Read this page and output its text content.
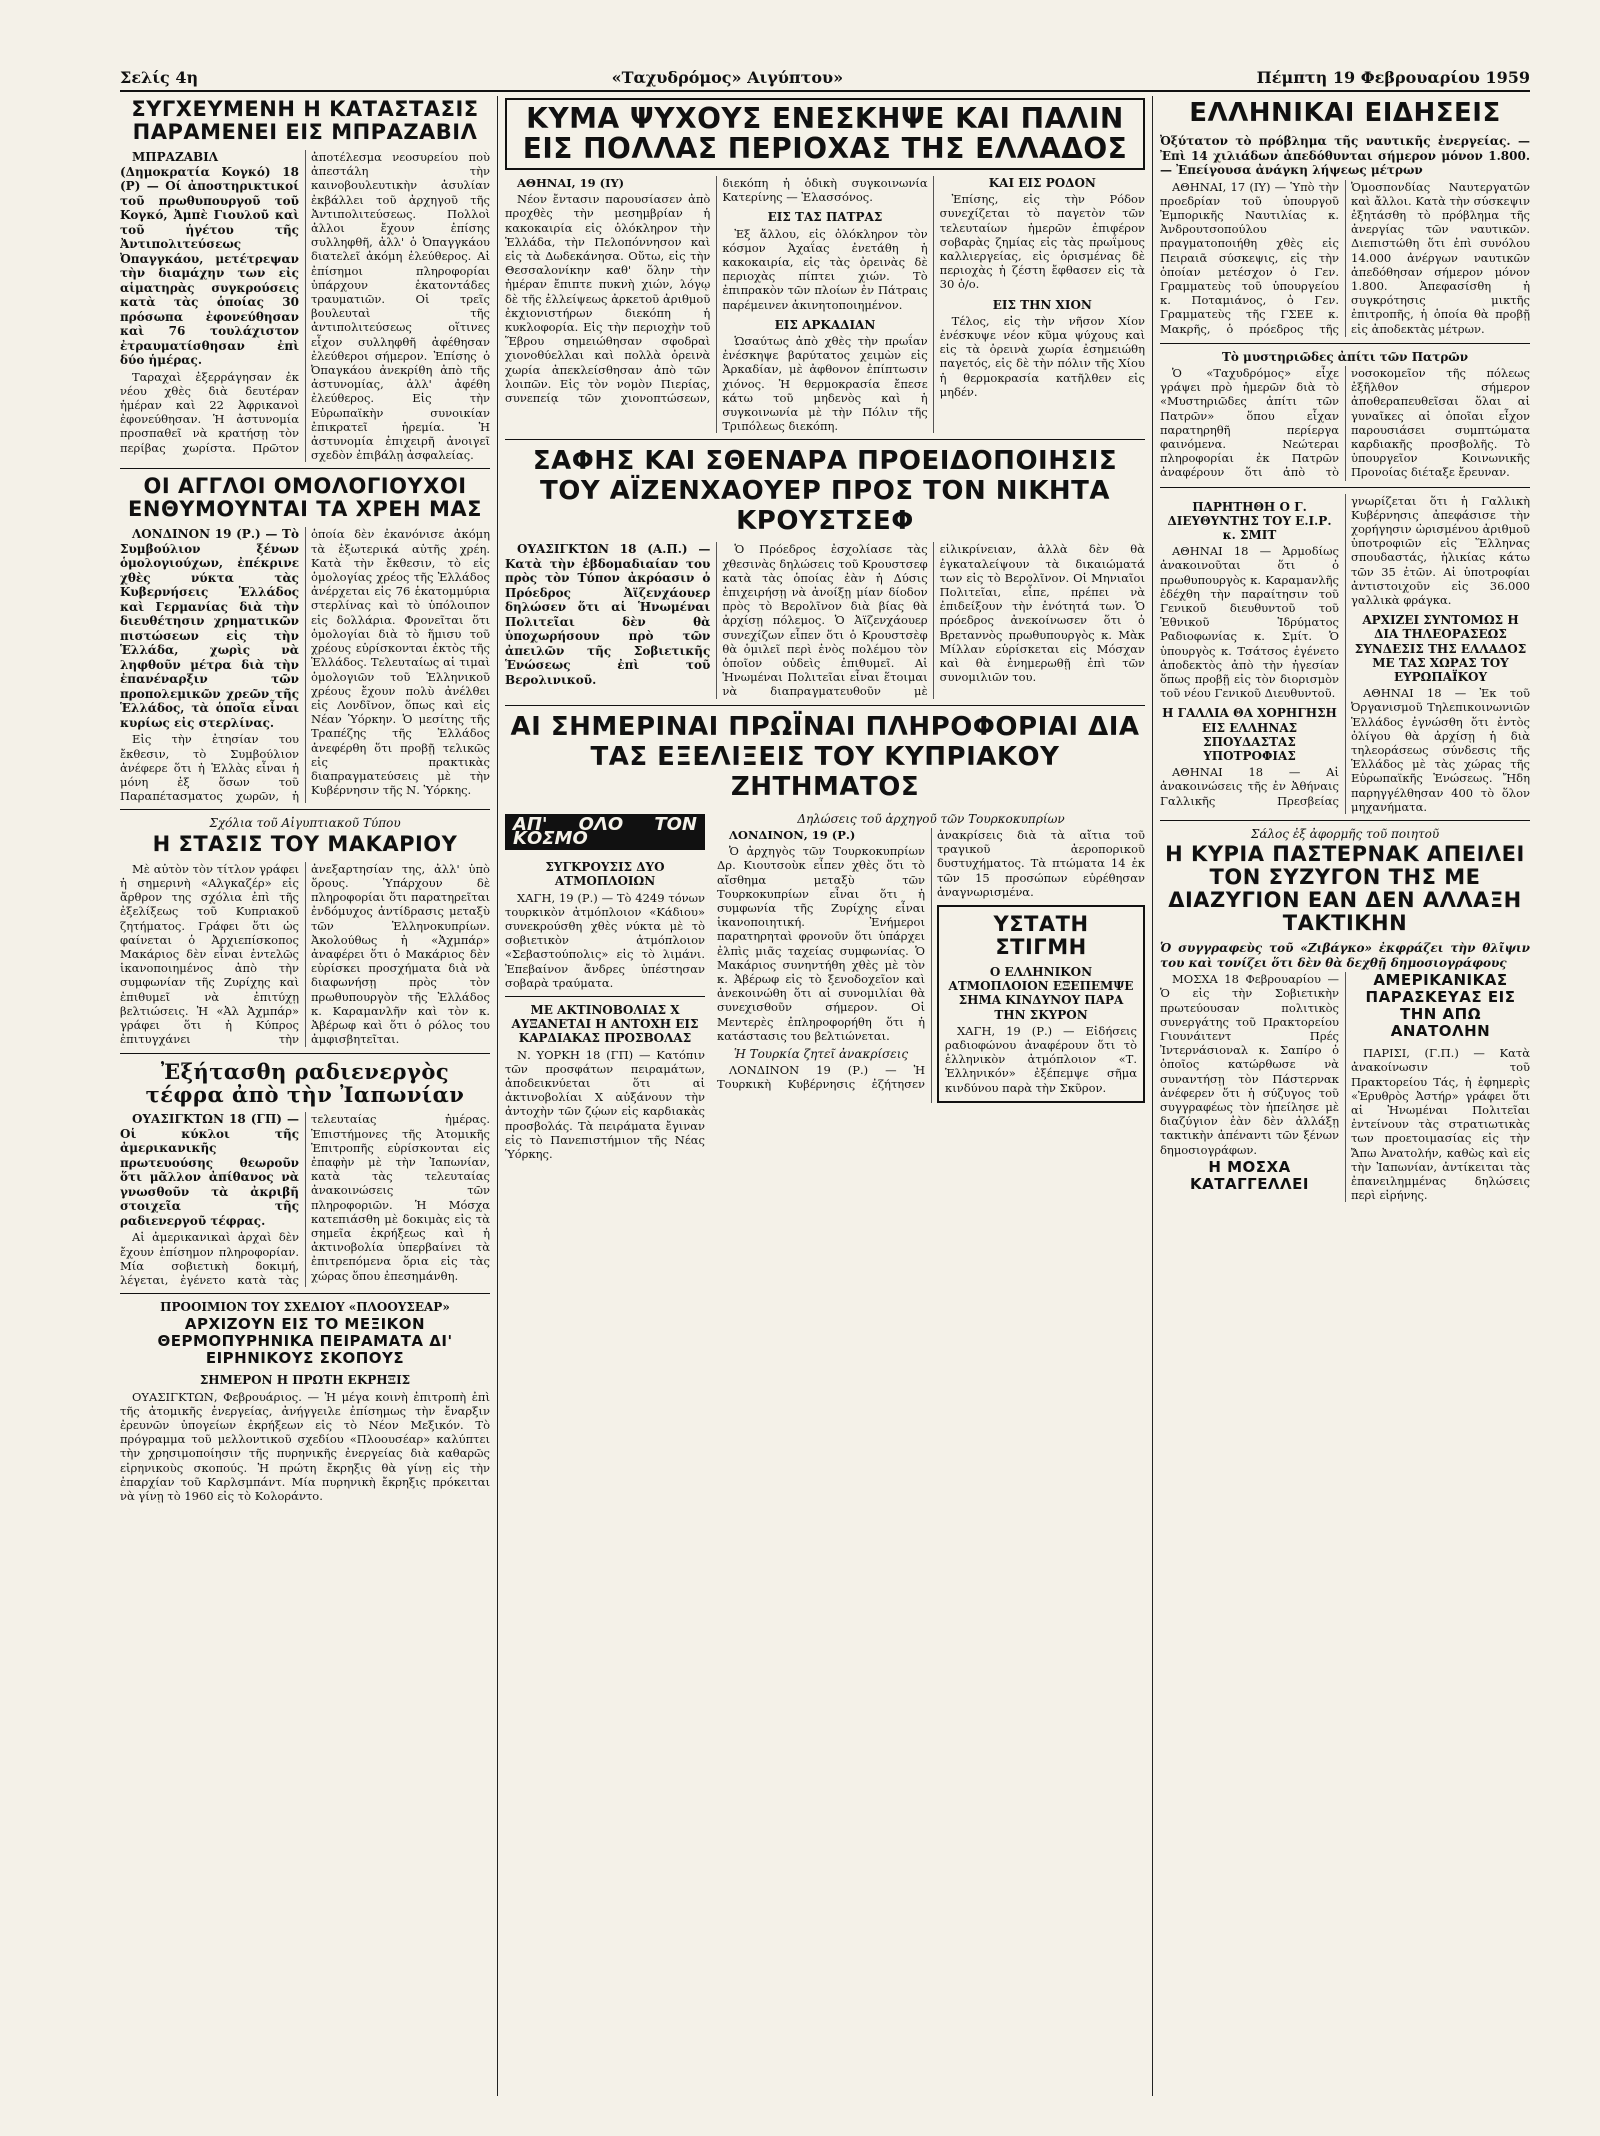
Σελίς 4η	«Ταχυδρόμος» Αιγύπτου»	Πέμπτη 19 Φεβρουαρίου 1959
ΣΥΓΧΕΥΜΕΝΗ Η ΚΑΤΑΣΤΑΣΙΣ ΠΑΡΑΜΕΝΕΙ ΕΙΣ ΜΠΡΑΖΑΒΙΛ

ΜΠΡΑΖΑΒΙΛ (Δημοκρατία Κογκό) 18 (Ρ) — Οί ἀποστηρικτικοί τοῦ πρωθυπουργοῦ τοῦ Κογκό, Ἀμπὲ Γιουλοῦ καὶ τοῦ ἡγέτου τῆς Ἀντιπολιτεύσεως Ὀπαγγκάου, μετέτρεψαν τὴν διαμάχην των εἰς αἱματηρὰς συγκρούσεις κατὰ τὰς ὁποίας 30 πρόσωπα ἐφονεύθησαν καὶ 76 τουλάχιστον ἐτραυματίσθησαν ἐπὶ δύο ἡμέρας.

Ταραχαὶ ἐξερράγησαν ἐκ νέου χθὲς διὰ δευτέραν ἡμέραν καὶ 22 Ἀφρικανοὶ ἐφονεύθησαν. Ἡ ἀστυνομία προσπαθεῖ νὰ κρατήσῃ τὸν περίβας χωρίστα. Πρῶτον ἀποτέλεσμα νεοσυρείου ποὺ ἀπεστάλη τὴν καινοβουλευτικὴν ἀσυλίαν ἐκβάλλει τοῦ ἀρχηγοῦ τῆς Ἀντιπολιτεύσεως. Πολλοὶ ἀλλοι ἔχουν ἐπίσης συλληφθῆ, ἀλλ' ὁ Ὀπαγγκάου διατελεῖ ἀκόμη ἐλεύθερος. Αἱ ἐπίσημοι πληροφορίαι ὑπάρχουν ἑκατοντάδες τραυματιῶν. Οἱ τρεῖς βουλευταὶ τῆς ἀντιπολιτεύσεως οἵτινες εἶχον συλληφθῆ ἀφέθησαν ἐλεύθεροι σήμερον. Ἐπίσης ὁ Ὀπαγκάου ἀνεκρίθη ἀπὸ τῆς ἀστυνομίας, ἀλλ' ἀφέθη ἐλεύθερος. Εἰς τὴν Εὐρωπαϊκὴν συνοικίαν ἐπικρατεῖ ἡρεμία. Ἡ ἀστυνομία ἐπιχειρῆ ἀνοιγεῖ σχεδὸν ἐπιβάλῃ ἀσφαλείας.

ΟΙ ΑΓΓΛΟΙ ΟΜΟΛΟΓΙΟΥΧΟΙ ΕΝΘΥΜΟΥΝΤΑΙ ΤΑ ΧΡΕΗ ΜΑΣ

ΛΟΝΔΙΝΟΝ 19 (Ρ.) — Τὸ Συμβούλιον ξένων ὁμολογιούχων, ἐπέκρινε χθὲς νύκτα τὰς Κυβερνήσεις Ἑλλάδος καὶ Γερμανίας διὰ τὴν διευθέτησιν χρηματικῶν πιστώσεων εἰς τὴν Ἑλλάδα, χωρὶς νὰ ληφθοῦν μέτρα διὰ τὴν ἐπανέναρξιν τῶν προπολεμικῶν χρεῶν τῆς Ἑλλάδος, τὰ ὁποῖα εἶναι κυρίως εἰς στερλίνας.

Εἰς τὴν ἐτησίαν του ἔκθεσιν, τὸ Συμβούλιον ἀνέφερε ὅτι ἡ Ἑλλὰς εἶναι ἡ μόνη ἐξ ὅσων τοῦ Παραπέτασματος χωρῶν, ἡ ὁποία δὲν ἐκανόνισε ἀκόμη τὰ ἐξωτερικά αὐτῆς χρέη. Κατὰ τὴν ἔκθεσιν, τὸ εἰς ὁμολογίας χρέος τῆς Ἑλλάδος ἀνέρχεται εἰς 76 ἑκατομμύρια στερλίνας καὶ τὸ ὑπόλοιπον εἰς δολλάρια. Φρονεῖται ὅτι ὁμολογίαι διὰ τὸ ἥμισυ τοῦ χρέους εὑρίσκονται ἐκτὸς τῆς Ἑλλάδος. Τελευταίως αἱ τιμαὶ ὁμολογιῶν τοῦ Ἑλληνικοῦ χρέους ἔχουν πολὺ ἀνέλθει εἰς Λονδῖνον, ὅπως καὶ εἰς Νέαν Ὑόρκην. Ὁ μεσίτης τῆς Τραπέζης τῆς Ἑλλάδος ἀνεφέρθη ὅτι προβῇ τελικῶς εἰς πρακτικὰς διαπραγματεύσεις μὲ τὴν Κυβέρνησιν τῆς Ν. Ὑόρκης.

Σχόλια τοῦ Αἰγυπτιακοῦ Τύπου
Η ΣΤΑΣΙΣ ΤΟΥ ΜΑΚΑΡΙΟΥ

Μὲ αὐτὸν τὸν τίτλον γράφει ἡ σημερινὴ «Αλγκαζέρ» εἰς ἄρθρον της σχόλια ἐπὶ τῆς ἐξελίξεως τοῦ Κυπριακοῦ ζητήματος. Γράφει ὅτι ὡς φαίνεται ὁ Ἀρχιεπίσκοπος Μακάριος δὲν εἶναι ἐντελῶς ἱκανοποιημένος ἀπὸ τὴν συμφωνίαν τῆς Ζυρίχης καὶ ἐπιθυμεῖ νὰ ἐπιτύχῃ βελτιώσεις. Ἡ «Ἀλ Ἀχμπάρ» γράφει ὅτι ἡ Κύπρος ἐπιτυγχάνει τὴν ἀνεξαρτησίαν της, ἀλλ' ὑπὸ ὅρους. Ὑπάρχουν δὲ πληροφορίαι ὅτι παρατηρεῖται ἐνδόμυχος ἀντίδρασις μεταξὺ τῶν Ἑλληνοκυπρίων. Ἀκολούθως ἡ «Ἀχμπάρ» ἀναφέρει ὅτι ὁ Μακάριος δὲν εὑρίσκει προσχήματα διὰ νὰ διαφωνήσῃ πρὸς τὸν πρωθυπουργὸν τῆς Ἑλλάδος κ. Καραμανλῆν καὶ τὸν κ. Ἀβέρωφ καὶ ὅτι ὁ ρόλος του ἀμφισβητεῖται.

Ἐξήτασθη ραδιενεργὸς τέφρα ἀπὸ τὴν Ἰαπωνίαν

ΟΥΑΣΙΓΚΤΩΝ 18 (ΓΠ) — Οἱ κύκλοι τῆς ἀμερικανικῆς πρωτευούσης θεωροῦν ὅτι μᾶλλον ἀπίθανος νὰ γνωσθοῦν τὰ ἀκριβῆ στοιχεῖα τῆς ραδιενεργοῦ τέφρας.

Αἱ ἀμερικανικαὶ ἀρχαὶ δὲν ἔχουν ἐπίσημον πληροφορίαν. Μία σοβιετικὴ δοκιμή, λέγεται, ἐγένετο κατὰ τὰς τελευταίας ἡμέρας. Ἐπιστήμονες τῆς Ἀτομικῆς Ἐπιτροπῆς εὑρίσκονται εἰς ἐπαφὴν μὲ τὴν Ἰαπωνίαν, κατὰ τὰς τελευταίας ἀνακοινώσεις τῶν πληροφοριῶν. Ἡ Μόσχα κατεπιάσθη μὲ δοκιμὰς εἰς τὰ σημεῖα ἐκρήξεως καὶ ἡ ἀκτινοβολία ὑπερβαίνει τὰ ἐπιτρεπόμενα ὅρια εἰς τὰς χώρας ὅπου ἐπεσημάνθη.

ΠΡΟΟΙΜΙΟΝ ΤΟΥ ΣΧΕΔΙΟΥ «ΠΛΟΟΥΣΕΑΡ»
ΑΡΧΙΖΟΥΝ ΕΙΣ ΤΟ ΜΕΞΙΚΟΝ ΘΕΡΜΟΠΥΡΗΝΙΚΑ ΠΕΙΡΑΜΑΤΑ ΔΙ' ΕΙΡΗΝΙΚΟΥΣ ΣΚΟΠΟΥΣ
ΣΗΜΕΡΟΝ Η ΠΡΩΤΗ ΕΚΡΗΞΙΣ

ΟΥΑΣΙΓΚΤΩΝ, Φεβρουάριος. — Ἡ μέγα κοινὴ ἐπιτροπὴ ἐπὶ τῆς ἀτομικῆς ἐνεργείας, ἀνήγγειλε ἐπίσημως τὴν ἔναρξιν ἐρευνῶν ὑπογείων ἐκρήξεων εἰς τὸ Νέον Μεξικόν. Τὸ πρόγραμμα τοῦ μελλοντικοῦ σχεδίου «Πλοουσέαρ» καλύπτει τὴν χρησιμοποίησιν τῆς πυρηνικῆς ἐνεργείας διὰ καθαρῶς εἰρηνικοὺς σκοπούς. Ἡ πρώτη ἔκρηξις θὰ γίνῃ εἰς τὴν ἐπαρχίαν τοῦ Καρλσμπάντ. Μία πυρηνικὴ ἔκρηξις πρόκειται νὰ γίνῃ τὸ 1960 εἰς τὸ Κολοράντο.

ΚΥΜΑ ΨΥΧΟΥΣ ΕΝΕΣΚΗΨΕ ΚΑΙ ΠΑΛΙΝ ΕΙΣ ΠΟΛΛΑΣ ΠΕΡΙΟΧΑΣ ΤΗΣ ΕΛΛΑΔΟΣ

ΑΘΗΝΑΙ, 19 (ΙΥ)

Νέον ἔντασιν παρουσίασεν ἀπὸ προχθὲς τὴν μεσημβρίαν ἡ κακοκαιρία εἰς ὁλόκληρον τὴν Ἑλλάδα, τὴν Πελοπόννησον καὶ εἰς τὰ Δωδεκάνησα. Οὕτω, εἰς τὴν Θεσσαλονίκην καθ' ὅλην τὴν ἡμέραν ἔπιπτε πυκνὴ χιών, λόγῳ δὲ τῆς ἐλλείψεως ἀρκετοῦ ἀριθμοῦ ἐκχιονιστήρων διεκόπη ἡ κυκλοφορία. Εἰς τὴν περιοχὴν τοῦ Ἕβρου σημειώθησαν σφοδραὶ χιονοθύελλαι καὶ πολλὰ ὀρεινὰ χωρία ἀπεκλείσθησαν ἀπὸ τῶν λοιπῶν. Εἰς τὸν νομὸν Πιερίας, συνεπείᾳ τῶν χιονοπτώσεων, διεκόπη ἡ ὁδικὴ συγκοινωνία Κατερίνης — Ἐλασσόνος.

ΕΙΣ ΤΑΣ ΠΑΤΡΑΣ

Ἐξ ἄλλου, εἰς ὁλόκληρον τὸν κόσμον Ἀχαΐας ἐνετάθη ἡ κακοκαιρία, εἰς τὰς ὀρεινὰς δὲ περιοχὰς πίπτει χιών. Τὸ ἐπιπρακὸν τῶν πλοίων ἐν Πάτραις παρέμεινεν ἀκινητοποιημένον.

ΕΙΣ ΑΡΚΑΔΙΑΝ

Ὡσαύτως ἀπὸ χθὲς τὴν πρωΐαν ἐνέσκηψε βαρύτατος χειμὼν εἰς Ἀρκαδίαν, μὲ ἀφθονον ἐπίπτωσιν χιόνος. Ἡ θερμοκρασία ἔπεσε κάτω τοῦ μηδενὸς καὶ ἡ συγκοινωνία μὲ τὴν Πόλιν τῆς Τριπόλεως διεκόπη.

ΚΑΙ ΕΙΣ ΡΟΔΟΝ

Ἐπίσης, εἰς τὴν Ρόδον συνεχίζεται τὸ παγετὸν τῶν τελευταίων ἡμερῶν ἐπιφέρον σοβαρὰς ζημίας εἰς τὰς πρωΐμους καλλιεργείας, εἰς ὁρισμένας δὲ περιοχὰς ἡ ζέστη ἔφθασεν εἰς τὰ 30 ὁ/ο.

ΕΙΣ ΤΗΝ ΧΙΟΝ

Τέλος, εἰς τὴν νῆσον Χίον ἐνέσκυψε νέον κῦμα ψύχους καὶ εἰς τὰ ὀρεινὰ χωρία ἐσημειώθη παγετός, εἰς δὲ τὴν πόλιν τῆς Χίου ἡ θερμοκρασία κατῆλθεν εἰς μηδέν.

ΣΑΦΗΣ ΚΑΙ ΣΘΕΝΑΡΑ ΠΡΟΕΙΔΟΠΟΙΗΣΙΣ ΤΟΥ ΑΪΖΕΝΧΑΟΥΕΡ ΠΡΟΣ ΤΟΝ ΝΙΚΗΤΑ ΚΡΟΥΣΤΣΕΦ

ΟΥΑΣΙΓΚΤΩΝ 18 (Α.Π.) — Κατὰ τὴν ἑβδομαδιαίαν του πρὸς τὸν Τύπον ἀκρόασιν ὁ Πρόεδρος Ἀϊζενχάουερ δηλώσεν ὅτι αἱ Ἡνωμέναι Πολιτεῖαι δὲν θὰ ὑποχωρήσουν πρὸ τῶν ἀπειλῶν τῆς Σοβιετικῆς Ἑνώσεως ἐπὶ τοῦ Βερολινικοῦ.

Ὁ Πρόεδρος ἐσχολίασε τὰς χθεσινὰς δηλώσεις τοῦ Κρουστσεφ κατὰ τὰς ὁποίας ἐὰν ἡ Δύσις ἐπιχειρήσῃ νὰ ἀνοίξῃ μίαν δίοδον πρὸς τὸ Βερολῖνον διὰ βίας θὰ ἀρχίσῃ πόλεμος. Ὁ Ἀϊζενχάουερ συνεχίζων εἶπεν ὅτι ὁ Κρουστσὲφ θὰ ὁμιλεῖ περὶ ἐνὸς πολέμου τὸν ὁποῖον οὐδεὶς ἐπιθυμεῖ. Αἱ Ἡνωμέναι Πολιτεῖαι εἶναι ἕτοιμαι νὰ διαπραγματευθοῦν μὲ εἰλικρίνειαν, ἀλλὰ δὲν θὰ ἐγκαταλείψουν τὰ δικαιώματά των εἰς τὸ Βερολῖνον. Οἱ Μηνιαῖοι Πολιτεῖαι, εἶπε, πρέπει νὰ ἐπιδείξουν τὴν ἑνότητά των. Ὁ πρόεδρος ἀνεκοίνωσεν ὅτι ὁ Βρεταννὸς πρωθυπουργὸς κ. Μὰκ Μίλλαν εὑρίσκεται εἰς Μόσχαν καὶ θὰ ἐνημερωθῇ ἐπὶ τῶν συνομιλιῶν του.

ΑΙ ΣΗΜΕΡΙΝΑΙ ΠΡΩΪΝΑΙ ΠΛΗΡΟΦΟΡΙΑΙ ΔΙΑ ΤΑΣ ΕΞΕΛΙΞΕΙΣ ΤΟΥ ΚΥΠΡΙΑΚΟΥ ΖΗΤΗΜΑΤΟΣ
ΑΠ' ΟΛΟ ΤΟΝ ΚΟΣΜΟ
ΣΥΓΚΡΟΥΣΙΣ ΔΥΟ ΑΤΜΟΠΛΟΙΩΝ

ΧΑΓΗ, 19 (Ρ.) — Τὸ 4249 τόνων τουρκικὸν ἀτμόπλοιον «Κάδιου» συνεκρούσθη χθὲς νύκτα μὲ τὸ σοβιετικὸν ἀτμόπλοιον «Σεβαστούπολις» εἰς τὸ λιμάνι. Ἐπεβαίνον ἄνδρες ὑπέστησαν σοβαρὰ τραύματα.

ΜΕ ΑΚΤΙΝΟΒΟΛΙΑΣ Χ ΑΥΞΑΝΕΤΑΙ Η ΑΝΤΟΧΗ ΕΙΣ ΚΑΡΔΙΑΚΑΣ ΠΡΟΣΒΟΛΑΣ

Ν. ΥΟΡΚΗ 18 (ΓΠ) — Κατόπιν τῶν προσφάτων πειραμάτων, ἀποδεικνύεται ὅτι αἱ ἀκτινοβολίαι Χ αὐξάνουν τὴν ἀντοχὴν τῶν ζῴων εἰς καρδιακὰς προσβολάς. Τὰ πειράματα ἔγιναν εἰς τὸ Πανεπιστήμιον τῆς Νέας Ὑόρκης.

Δηλώσεις τοῦ ἀρχηγοῦ τῶν Τουρκοκυπρίων

ΛΟΝΔΙΝΟΝ, 19 (Ρ.)

Ὁ ἀρχηγὸς τῶν Τουρκοκυπρίων Δρ. Κιουτσοὺκ εἶπεν χθὲς ὅτι τὸ αἴσθημα μεταξὺ τῶν Τουρκοκυπρίων εἶναι ὅτι ἡ συμφωνία τῆς Ζυρίχης εἶναι ἱκανοποιητική. Ἐνήμεροι παρατηρηταὶ φρονοῦν ὅτι ὑπάρχει ἐλπὶς μιᾶς ταχείας συμφωνίας. Ὁ Μακάριος συνηντήθη χθὲς μὲ τὸν κ. Ἀβέρωφ εἰς τὸ ξενοδοχεῖον καὶ ἀνεκοινώθη ὅτι αἱ συνομιλίαι θὰ συνεχισθοῦν σήμερον. Οἱ Μεντερὲς ἐπληροφορήθη ὅτι ἡ κατάστασις του βελτιώνεται.

Ἡ Τουρκία ζητεῖ ἀνακρίσεις

ΛΟΝΔΙΝΟΝ 19 (Ρ.) — Ἡ Τουρκικὴ Κυβέρνησις ἐζήτησεν ἀνακρίσεις διὰ τὰ αἴτια τοῦ τραγικοῦ ἀεροπορικοῦ δυστυχήματος. Τὰ πτώματα 14 ἐκ τῶν 15 προσώπων εὑρέθησαν ἀναγνωρισμένα.

ΥΣΤΑΤΗ ΣΤΙΓΜΗ
Ο ΕΛΛΗΝΙΚΟΝ ΑΤΜΟΠΛΟΙΟΝ ΕΞΕΠΕΜΨΕ ΣΗΜΑ ΚΙΝΔΥΝΟΥ ΠΑΡΑ ΤΗΝ ΣΚΥΡΟΝ

ΧΑΓΗ, 19 (Ρ.) — Εἰδήσεις ραδιοφώνου ἀναφέρουν ὅτι τὸ ἑλληνικὸν ἀτμόπλοιον «Τ. Ἑλληνικόν» ἐξέπεμψε σῆμα κινδύνου παρὰ τὴν Σκῦρον.

ΕΛΛΗΝΙΚΑΙ ΕΙΔΗΣΕΙΣ

Ὀξύτατον τὸ πρόβλημα τῆς ναυτικῆς ἐνεργείας. — Ἐπὶ 14 χιλιάδων ἀπεδόθυνται σήμερον μόνον 1.800. — Ἐπείγουσα ἀνάγκη λήψεως μέτρων

ΑΘΗΝΑΙ, 17 (ΙΥ) — Ὑπὸ τὴν προεδρίαν τοῦ ὑπουργοῦ Ἐμπορικῆς Ναυτιλίας κ. Ἀνδρουτσοπούλου πραγματοποιήθη χθὲς εἰς Πειραιᾶ σύσκεψις, εἰς τὴν ὁποίαν μετέσχον ὁ Γεν. Γραμματεὺς τοῦ ὑπουργείου κ. Ποταμιάνος, ὁ Γεν. Γραμματεὺς τῆς ΓΣΕΕ κ. Μακρῆς, ὁ πρόεδρος τῆς Ὁμοσπονδίας Ναυτεργατῶν καὶ ἄλλοι. Κατὰ τὴν σύσκεψιν ἐξητάσθη τὸ πρόβλημα τῆς ἀνεργίας τῶν ναυτικῶν. Διεπιστώθη ὅτι ἐπὶ συνόλου 14.000 ἀνέργων ναυτικῶν ἀπεδόθησαν σήμερον μόνον 1.800. Ἀπεφασίσθη ἡ συγκρότησις μικτῆς ἐπιτροπῆς, ἡ ὁποία θὰ προβῇ εἰς ἀποδεκτὰς μέτρων.

Τὸ μυστηριῶδες ἀπίτι τῶν Πατρῶν

Ὁ «Ταχυδρόμος» εἶχε γράψει πρὸ ἡμερῶν διὰ τὸ «Μυστηριῶδες ἀπίτι τῶν Πατρῶν» ὅπου εἶχαν παρατηρηθῆ περίεργα φαινόμενα. Νεώτεραι πληροφορίαι ἐκ Πατρῶν ἀναφέρουν ὅτι ἀπὸ τὸ νοσοκομεῖον τῆς πόλεως ἐξῆλθον σήμερον ἀποθεραπευθεῖσαι ὅλαι αἱ γυναῖκες αἱ ὁποῖαι εἶχον παρουσιάσει συμπτώματα καρδιακῆς προσβολῆς. Τὸ ὑπουργεῖον Κοινωνικῆς Προνοίας διέταξε ἔρευναν.

ΠΑΡΗΤΗΘΗ Ο Γ. ΔΙΕΥΘΥΝΤΗΣ ΤΟΥ Ε.Ι.Ρ. κ. ΣΜΙΤ

ΑΘΗΝΑΙ 18 — Ἀρμοδίως ἀνακοινοῦται ὅτι ὁ πρωθυπουργὸς κ. Καραμανλῆς ἐδέχθη τὴν παραίτησιν τοῦ Γενικοῦ διευθυντοῦ τοῦ Ἐθνικοῦ Ἱδρύματος Ραδιοφωνίας κ. Σμίτ. Ὁ ὑπουργὸς κ. Τσάτσος ἐγένετο ἀποδεκτὸς ἀπὸ τὴν ἡγεσίαν ὅπως προβῇ εἰς τὸν διορισμὸν τοῦ νέου Γενικοῦ Διευθυντοῦ.

Η ΓΑΛΛΙΑ ΘΑ ΧΟΡΗΓΗΣΗ ΕΙΣ ΕΛΛΗΝΑΣ ΣΠΟΥΔΑΣΤΑΣ ΥΠΟΤΡΟΦΙΑΣ

ΑΘΗΝΑΙ 18 — Αἱ ἀνακοινώσεις τῆς ἐν Ἀθήναις Γαλλικῆς Πρεσβείας γνωρίζεται ὅτι ἡ Γαλλικὴ Κυβέρνησις ἀπεφάσισε τὴν χορήγησιν ὡρισμένου ἀριθμοῦ ὑποτροφιῶν εἰς Ἕλληνας σπουδαστάς, ἡλικίας κάτω τῶν 35 ἐτῶν. Αἱ ὑποτροφίαι ἀντιστοιχοῦν εἰς 36.000 γαλλικὰ φράγκα.

ΑΡΧΙΖΕΙ ΣΥΝΤΟΜΩΣ Η ΔΙΑ ΤΗΛΕΟΡΑΣΕΩΣ ΣΥΝΔΕΣΙΣ ΤΗΣ ΕΛΛΑΔΟΣ ΜΕ ΤΑΣ ΧΩΡΑΣ ΤΟΥ ΕΥΡΩΠΑΪΚΟΥ

ΑΘΗΝΑΙ 18 — Ἐκ τοῦ Ὀργανισμοῦ Τηλεπικοινωνιῶν Ἑλλάδος ἐγνώσθη ὅτι ἐντὸς ὀλίγου θὰ ἀρχίσῃ ἡ διὰ τηλεοράσεως σύνδεσις τῆς Ἑλλάδος μὲ τὰς χώρας τῆς Εὐρωπαϊκῆς Ἑνώσεως. Ἤδη παρηγγέλθησαν 400 τὸ ὅλον μηχανήματα.

Σάλος ἐξ ἀφορμῆς τοῦ ποιητοῦ
Η ΚΥΡΙΑ ΠΑΣΤΕΡΝΑΚ ΑΠΕΙΛΕΙ ΤΟΝ ΣΥΖΥΓΟΝ ΤΗΣ ΜΕ ΔΙΑΖΥΓΙΟΝ ΕΑΝ ΔΕΝ ΑΛΛΑΞΗ ΤΑΚΤΙΚΗΝ

Ὁ συγγραφεὺς τοῦ «Ζιβάγκο» ἐκφράζει τὴν θλῖψιν του καὶ τονίζει ὅτι δὲν θὰ δεχθῇ δημοσιογράφους

ΜΟΣΧΑ 18 Φεβρουαρίου — Ὁ εἰς τὴν Σοβιετικὴν πρωτεύουσαν πολιτικὸς συνεργάτης τοῦ Πρακτορείου Γιουνάιτεντ Πρές Ἰντερνάσιοναλ κ. Σαπίρο ὁ ὁποῖος κατώρθωσε νὰ συναντήσῃ τὸν Πάστερνακ ἀνέφερεν ὅτι ἡ σύζυγος τοῦ συγγραφέως τὸν ἠπείλησε μὲ διαζύγιον ἐὰν δὲν ἀλλάξῃ τακτικὴν ἀπέναντι τῶν ξένων δημοσιογράφων.

Η ΜΟΣΧΑ ΚΑΤΑΓΓΕΛΛΕΙ ΑΜΕΡΙΚΑΝΙΚΑΣ ΠΑΡΑΣΚΕΥΑΣ ΕΙΣ ΤΗΝ ΑΠΩ ΑΝΑΤΟΛΗΝ

ΠΑΡΙΣΙ, (Γ.Π.) — Κατὰ ἀνακοίνωσιν τοῦ Πρακτορείου Τάς, ἡ ἐφημερὶς «Ἐρυθρὸς Ἀστήρ» γράφει ὅτι αἱ Ἡνωμέναι Πολιτεῖαι ἐντείνουν τὰς στρατιωτικὰς των προετοιμασίας εἰς τὴν Ἄπω Ἀνατολήν, καθὼς καὶ εἰς τὴν Ἰαπωνίαν, ἀντίκειται τὰς ἐπανειλημμένας δηλώσεις περὶ εἰρήνης.
